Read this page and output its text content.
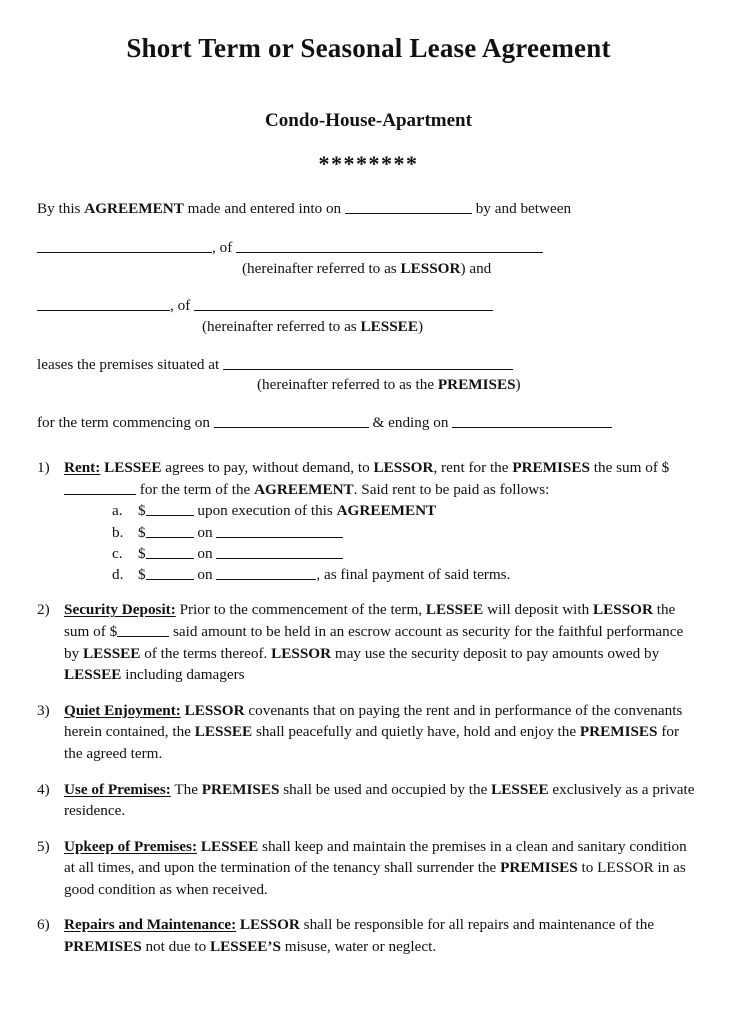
Short Term or Seasonal Lease Agreement
Condo-House-Apartment
********

By this AGREEMENT made and entered into on	by and between

, of

(hereinafter referred to as LESSOR) and

, of

(hereinafter referred to as LESSEE)

leases the premises situated at

(hereinafter referred to as the PREMISES)

for the term commencing on	& ending on

1) Rent: LESSEE agrees to pay, without demand, to LESSOR, rent for the PREMISES the sum of $ for the term of the AGREEMENT. Said rent to be paid as follows:
a.	$	upon execution of this AGREEMENT
b. $	on
c.	$	on
d. $	on	, as final payment of said terms.
2) Security Deposit: Prior to the commencement of the term, LESSEE will deposit with LESSOR the sum of $	said amount to be held in an escrow account as security for the faithful performance by LESSEE of the terms thereof. LESSOR may use the security deposit to pay amounts owed by LESSEE including damagers
3) Quiet Enjoyment: LESSOR covenants that on paying the rent and in performance of the convenants herein contained, the LESSEE shall peacefully and quietly have, hold and enjoy the PREMISES for the agreed term.
4) Use of Premises: The PREMISES shall be used and occupied by the LESSEE exclusively as a private residence.
5) Upkeep of Premises: LESSEE shall keep and maintain the premises in a clean and sanitary condition at all times, and upon the termination of the tenancy shall surrender the PREMISES to LESSOR in as good condition as when received.
6) Repairs and Maintenance: LESSOR shall be responsible for all repairs and maintenance of the PREMISES not due to LESSEE’S misuse, water or neglect.
